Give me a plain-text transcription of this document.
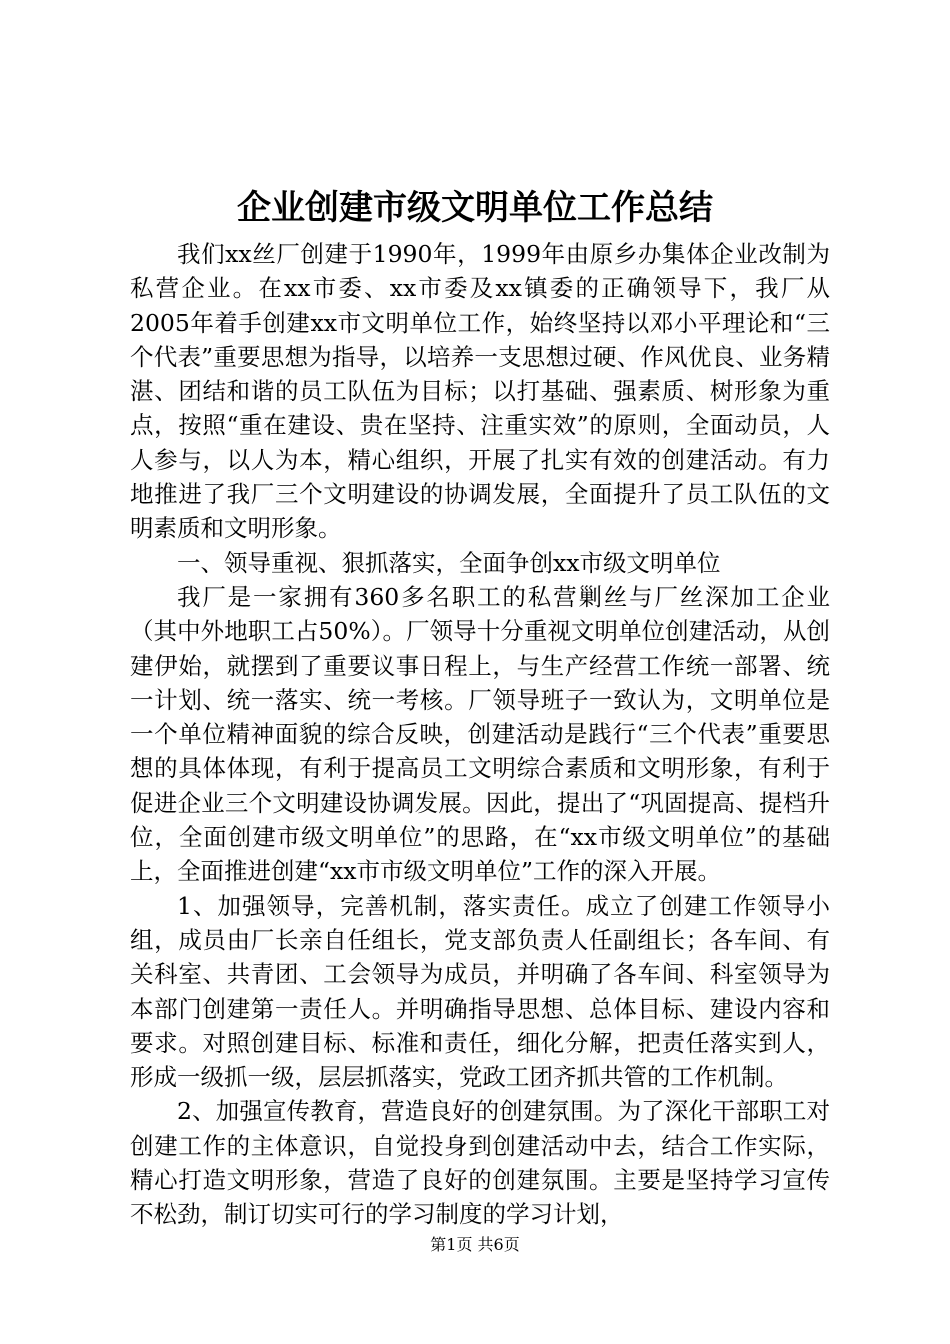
企业创建市级文明单位工作总结

我们xx丝厂创建于1990年，1999年由原乡办集体企业改制为私营企业。在xx市委、xx市委及xx镇委的正确领导下，我厂从2005年着手创建xx市文明单位工作，始终坚持以邓小平理论和“三个代表”重要思想为指导，以培养一支思想过硬、作风优良、业务精湛、团结和谐的员工队伍为目标；以打基础、强素质、树形象为重点，按照“重在建设、贵在坚持、注重实效”的原则，全面动员，人人参与，以人为本，精心组织，开展了扎实有效的创建活动。有力地推进了我厂三个文明建设的协调发展，全面提升了员工队伍的文明素质和文明形象。

一、领导重视、狠抓落实，全面争创xx市级文明单位

我厂是一家拥有360多名职工的私营剿丝与厂丝深加工企业（其中外地职工占50%）。厂领导十分重视文明单位创建活动，从创建伊始，就摆到了重要议事日程上，与生产经营工作统一部署、统一计划、统一落实、统一考核。厂领导班子一致认为，文明单位是一个单位精神面貌的综合反映，创建活动是践行“三个代表”重要思想的具体体现，有利于提高员工文明综合素质和文明形象，有利于促进企业三个文明建设协调发展。因此，提出了“巩固提高、提档升位，全面创建市级文明单位”的思路，在“xx市级文明单位”的基础上，全面推进创建“xx市市级文明单位”工作的深入开展。

1、加强领导，完善机制，落实责任。成立了创建工作领导小组，成员由厂长亲自任组长，党支部负责人任副组长；各车间、有关科室、共青团、工会领导为成员，并明确了各车间、科室领导为本部门创建第一责任人。并明确指导思想、总体目标、建设内容和要求。对照创建目标、标准和责任，细化分解，把责任落实到人，形成一级抓一级，层层抓落实，党政工团齐抓共管的工作机制。

2、加强宣传教育，营造良好的创建氛围。为了深化干部职工对创建工作的主体意识，自觉投身到创建活动中去，结合工作实际，精心打造文明形象，营造了良好的创建氛围。主要是坚持学习宣传不松劲，制订切实可行的学习制度的学习计划，

第1页 共6页
